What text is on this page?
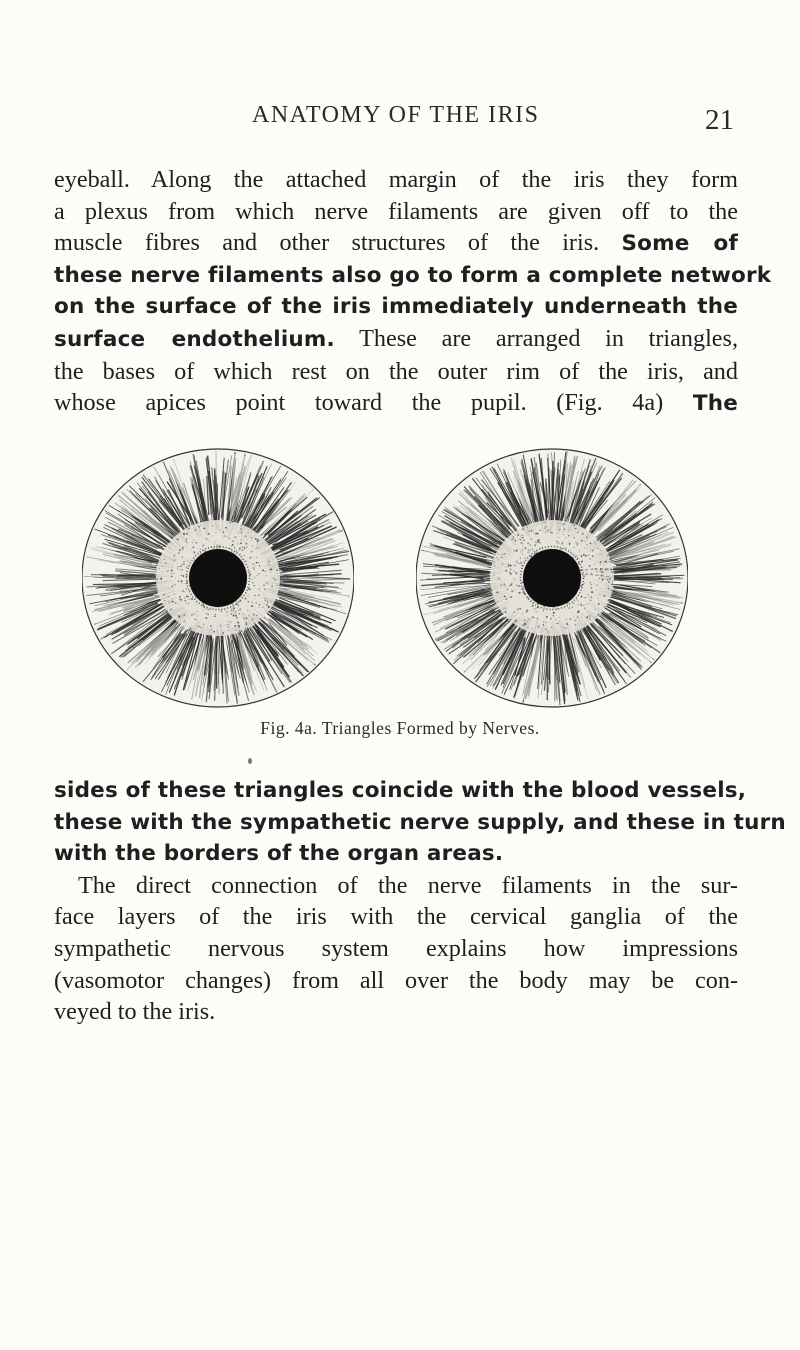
ANATOMY OF THE IRIS	21
eyeball. Along the attached margin of the iris they form
a plexus from which nerve filaments are given off to the
muscle fibres and other structures of the iris. Some of
these nerve filaments also go to form a complete network
on the surface of the iris immediately underneath the
surface endothelium. These are arranged in triangles,
the bases of which rest on the outer rim of the iris, and
whose apices point toward the pupil. (Fig. 4a) The
Fig. 4a. Triangles Formed by Nerves.
sides of these triangles coincide with the blood vessels,
these with the sympathetic nerve supply, and these in turn
with the borders of the organ areas.
The direct connection of the nerve filaments in the sur-
face layers of the iris with the cervical ganglia of the
sympathetic nervous system explains how impressions
(vasomotor changes) from all over the body may be con-
veyed to the iris.
